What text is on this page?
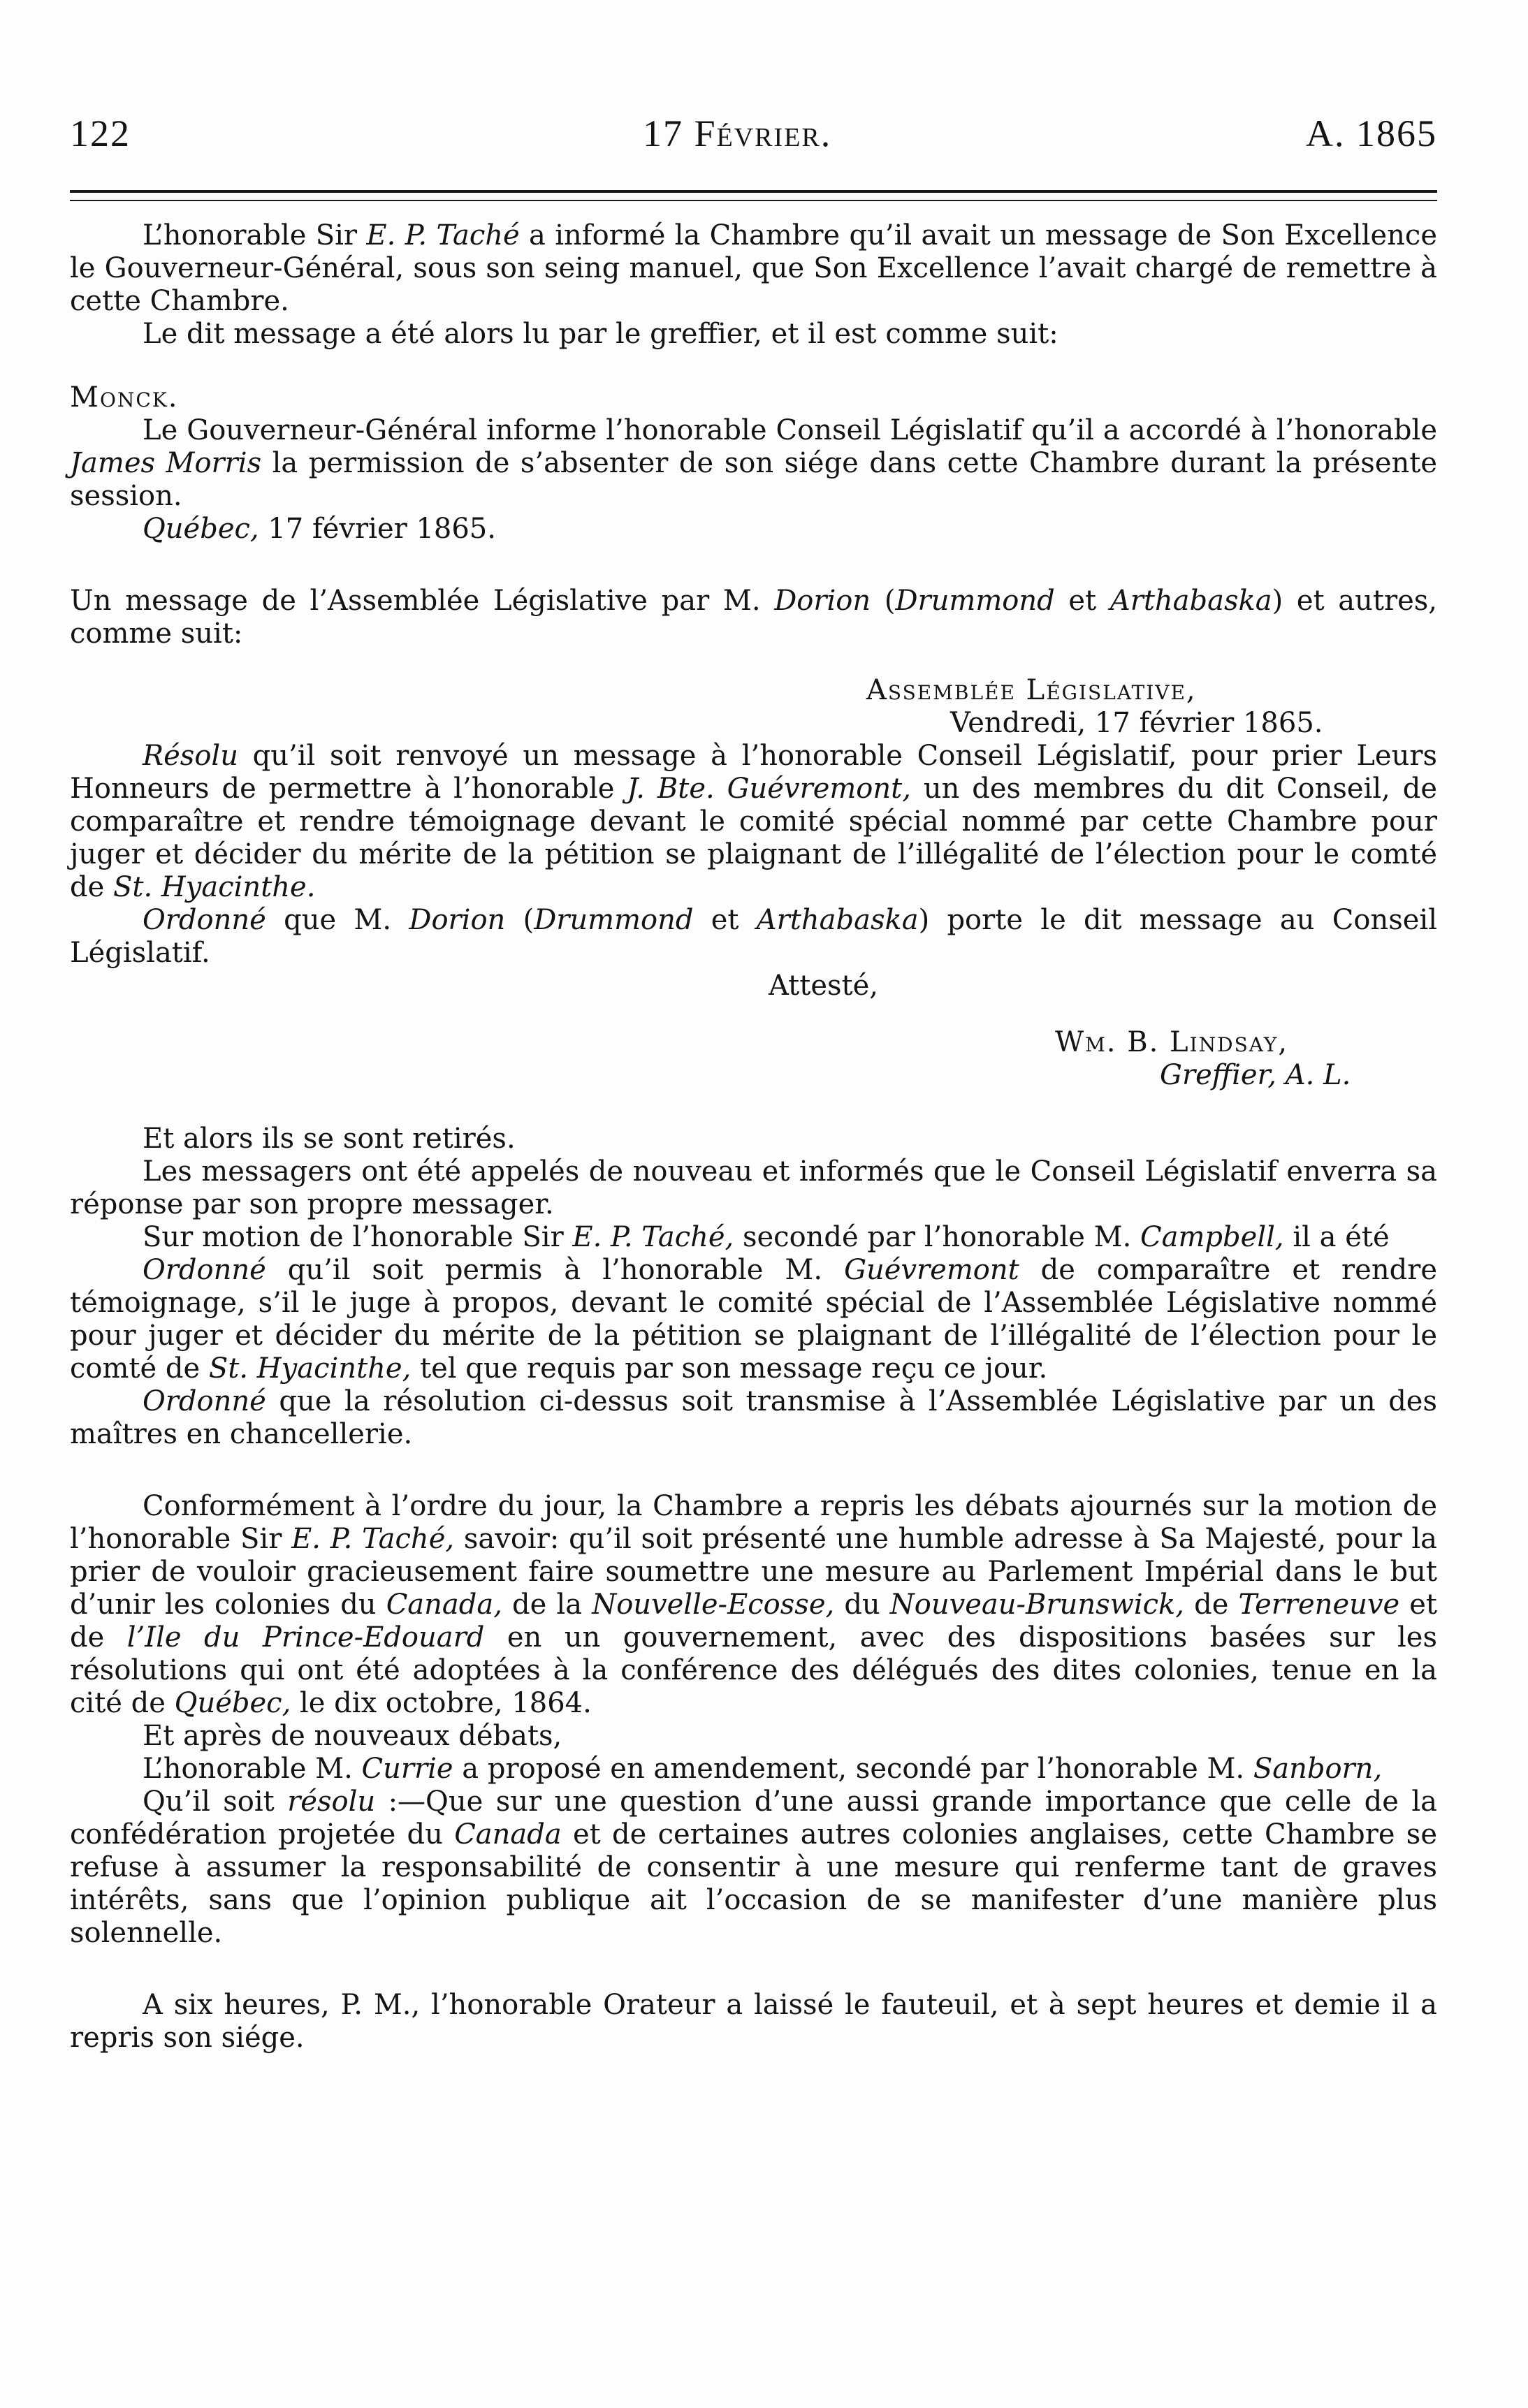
122	17 Février.	A. 1865

L’honorable Sir E. P. Taché a informé la Chambre qu’il avait un message de Son Excellence le Gouverneur-Général, sous son seing manuel, que Son Excellence l’avait chargé de remettre à cette Chambre.

Le dit message a été alors lu par le greffier, et il est comme suit:

Monck.

Le Gouverneur-Général informe l’honorable Conseil Législatif qu’il a accordé à l’honorable James Morris la permission de s’absenter de son siége dans cette Chambre durant la présente session.

Québec, 17 février 1865.

Un message de l’Assemblée Législative par M. Dorion (Drummond et Arthabaska) et autres, comme suit:

Assemblée Législative,

Vendredi, 17 février 1865.

Résolu qu’il soit renvoyé un message à l’honorable Conseil Législatif, pour prier Leurs Honneurs de permettre à l’honorable J. Bte. Guévremont, un des membres du dit Conseil, de comparaître et rendre témoignage devant le comité spécial nommé par cette Chambre pour juger et décider du mérite de la pétition se plaignant de l’illégalité de l’élection pour le comté de St. Hyacinthe.

Ordonné que M. Dorion (Drummond et Arthabaska) porte le dit message au Conseil Législatif.

Attesté,

Wm. B. Lindsay,

Greffier, A. L.

Et alors ils se sont retirés.

Les messagers ont été appelés de nouveau et informés que le Conseil Législatif enverra sa réponse par son propre messager.

Sur motion de l’honorable Sir E. P. Taché, secondé par l’honorable M. Campbell, il a été

Ordonné qu’il soit permis à l’honorable M. Guévremont de comparaître et rendre témoignage, s’il le juge à propos, devant le comité spécial de l’Assemblée Législative nommé pour juger et décider du mérite de la pétition se plaignant de l’illégalité de l’élection pour le comté de St. Hyacinthe, tel que requis par son message reçu ce jour.

Ordonné que la résolution ci-dessus soit transmise à l’Assemblée Législative par un des maîtres en chancellerie.

Conformément à l’ordre du jour, la Chambre a repris les débats ajournés sur la motion de l’honorable Sir E. P. Taché, savoir: qu’il soit présenté une humble adresse à Sa Majesté, pour la prier de vouloir gracieusement faire soumettre une mesure au Parlement Impérial dans le but d’unir les colonies du Canada, de la Nouvelle-Ecosse, du Nouveau-Brunswick, de Terreneuve et de l’Ile du Prince-Edouard en un gouvernement, avec des dispositions basées sur les résolutions qui ont été adoptées à la conférence des délégués des dites colonies, tenue en la cité de Québec, le dix octobre, 1864.

Et après de nouveaux débats,

L’honorable M. Currie a proposé en amendement, secondé par l’honorable M. Sanborn,

Qu’il soit résolu :—Que sur une question d’une aussi grande importance que celle de la confédération projetée du Canada et de certaines autres colonies anglaises, cette Chambre se refuse à assumer la responsabilité de consentir à une mesure qui renferme tant de graves intérêts, sans que l’opinion publique ait l’occasion de se manifester d’une manière plus solennelle.

A six heures, P. M., l’honorable Orateur a laissé le fauteuil, et à sept heures et demie il a repris son siége.
